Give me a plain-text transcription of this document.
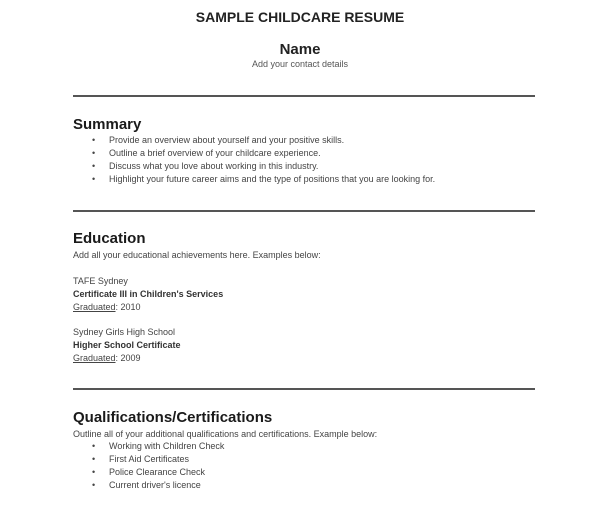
SAMPLE CHILDCARE RESUME
Name
Add your contact details
Summary
• Provide an overview about yourself and your positive skills.
• Outline a brief overview of your childcare experience.
• Discuss what you love about working in this industry.
• Highlight your future career aims and the type of positions that you are looking for.
Education
Add all your educational achievements here. Examples below:
TAFE Sydney
Certificate III in Children's Services
Graduated: 2010
Sydney Girls High School
Higher School Certificate
Graduated: 2009
Qualifications/Certifications
Outline all of your additional qualifications and certifications. Example below:
• Working with Children Check
• First Aid Certificates
• Police Clearance Check
• Current driver's licence
